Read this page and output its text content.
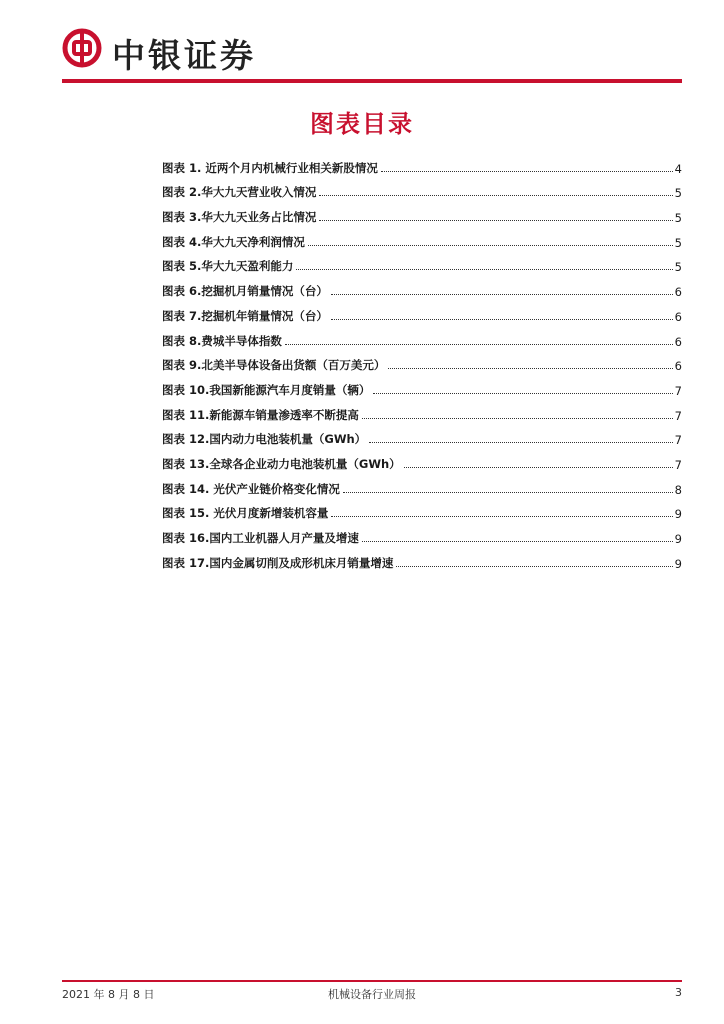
中银证券
图表目录
图表 1. 近两个月内机械行业相关新股情况	4
图表 2.华大九天营业收入情况	5
图表 3.华大九天业务占比情况	5
图表 4.华大九天净利润情况	5
图表 5.华大九天盈利能力	5
图表 6.挖掘机月销量情况（台）	6
图表 7.挖掘机年销量情况（台）	6
图表 8.费城半导体指数	6
图表 9.北美半导体设备出货额（百万美元）	6
图表 10.我国新能源汽车月度销量（辆）	7
图表 11.新能源车销量渗透率不断提高	7
图表 12.国内动力电池装机量（GWh）	7
图表 13.全球各企业动力电池装机量（GWh）	7
图表 14. 光伏产业链价格变化情况	8
图表 15. 光伏月度新增装机容量	9
图表 16.国内工业机器人月产量及增速	9
图表 17.国内金属切削及成形机床月销量增速	9
2021 年 8 月 8 日	机械设备行业周报	3
